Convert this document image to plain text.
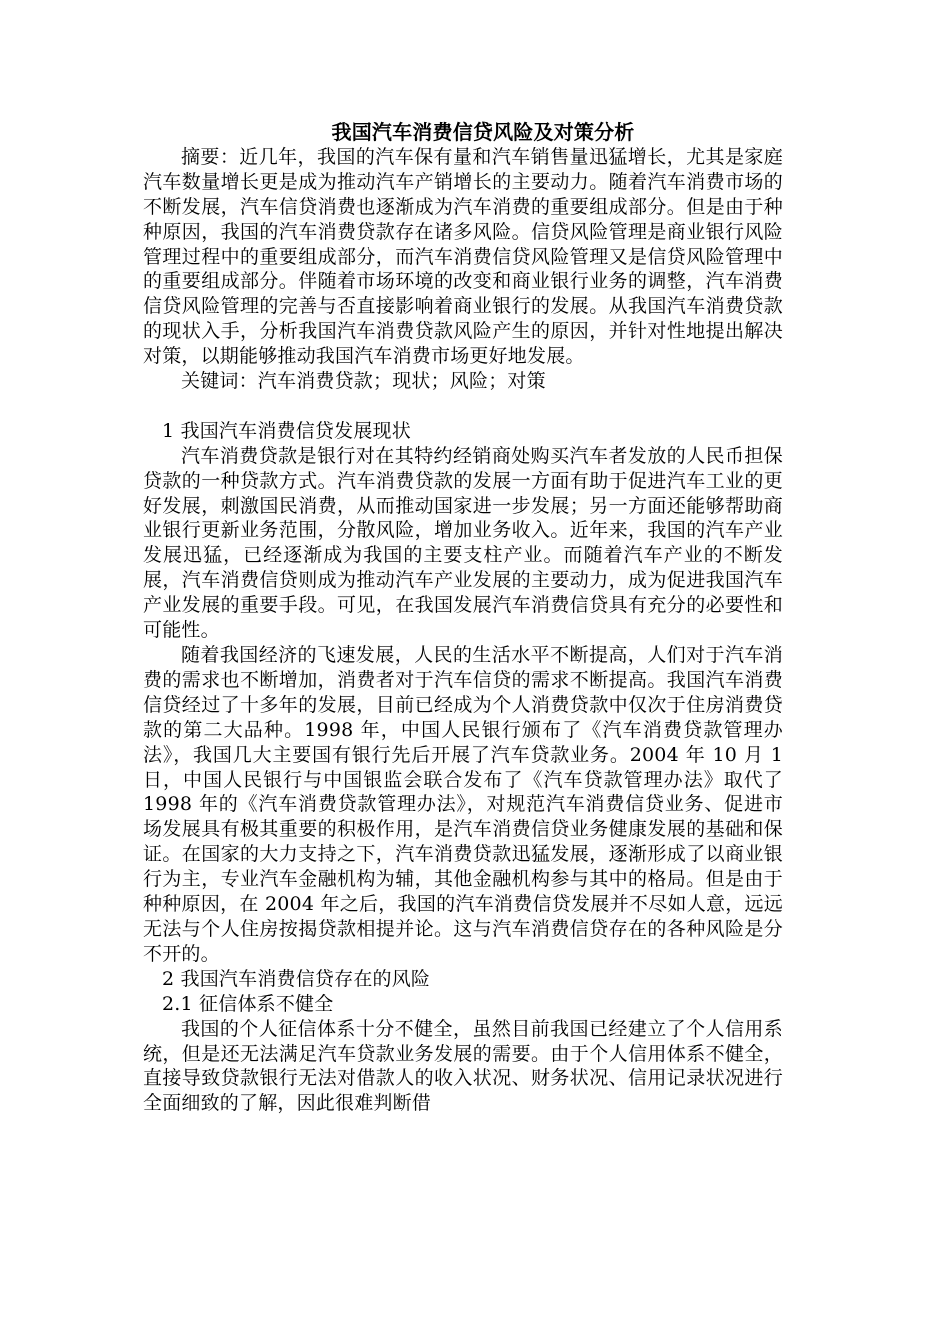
我国汽车消费信贷风险及对策分析

摘要：近几年，我国的汽车保有量和汽车销售量迅猛增长，尤其是家庭汽车数量增长更是成为推动汽车产销增长的主要动力。随着汽车消费市场的不断发展，汽车信贷消费也逐渐成为汽车消费的重要组成部分。但是由于种种原因，我国的汽车消费贷款存在诸多风险。信贷风险管理是商业银行风险管理过程中的重要组成部分，而汽车消费信贷风险管理又是信贷风险管理中的重要组成部分。伴随着市场环境的改变和商业银行业务的调整，汽车消费信贷风险管理的完善与否直接影响着商业银行的发展。从我国汽车消费贷款的现状入手，分析我国汽车消费贷款风险产生的原因，并针对性地提出解决对策，以期能够推动我国汽车消费市场更好地发展。

关键词：汽车消费贷款；现状；风险；对策
1 我国汽车消费信贷发展现状

汽车消费贷款是银行对在其特约经销商处购买汽车者发放的人民币担保贷款的一种贷款方式。汽车消费贷款的发展一方面有助于促进汽车工业的更好发展，刺激国民消费，从而推动国家进一步发展；另一方面还能够帮助商业银行更新业务范围，分散风险，增加业务收入。近年来，我国的汽车产业发展迅猛，已经逐渐成为我国的主要支柱产业。而随着汽车产业的不断发展，汽车消费信贷则成为推动汽车产业发展的主要动力，成为促进我国汽车产业发展的重要手段。可见，在我国发展汽车消费信贷具有充分的必要性和可能性。

随着我国经济的飞速发展，人民的生活水平不断提高，人们对于汽车消费的需求也不断增加，消费者对于汽车信贷的需求不断提高。我国汽车消费信贷经过了十多年的发展，目前已经成为个人消费贷款中仅次于住房消费贷款的第二大品种。1998 年，中国人民银行颁布了《汽车消费贷款管理办法》，我国几大主要国有银行先后开展了汽车贷款业务。2004 年 10 月 1 日，中国人民银行与中国银监会联合发布了《汽车贷款管理办法》取代了 1998 年的《汽车消费贷款管理办法》，对规范汽车消费信贷业务、促进市场发展具有极其重要的积极作用，是汽车消费信贷业务健康发展的基础和保证。在国家的大力支持之下，汽车消费贷款迅猛发展，逐渐形成了以商业银行为主，专业汽车金融机构为辅，其他金融机构参与其中的格局。但是由于种种原因，在 2004 年之后，我国的汽车消费信贷发展并不尽如人意，远远无法与个人住房按揭贷款相提并论。这与汽车消费信贷存在的各种风险是分不开的。

2 我国汽车消费信贷存在的风险
2.1 征信体系不健全

我国的个人征信体系十分不健全，虽然目前我国已经建立了个人信用系统，但是还无法满足汽车贷款业务发展的需要。由于个人信用体系不健全，直接导致贷款银行无法对借款人的收入状况、财务状况、信用记录状况进行全面细致的了解，因此很难判断借
